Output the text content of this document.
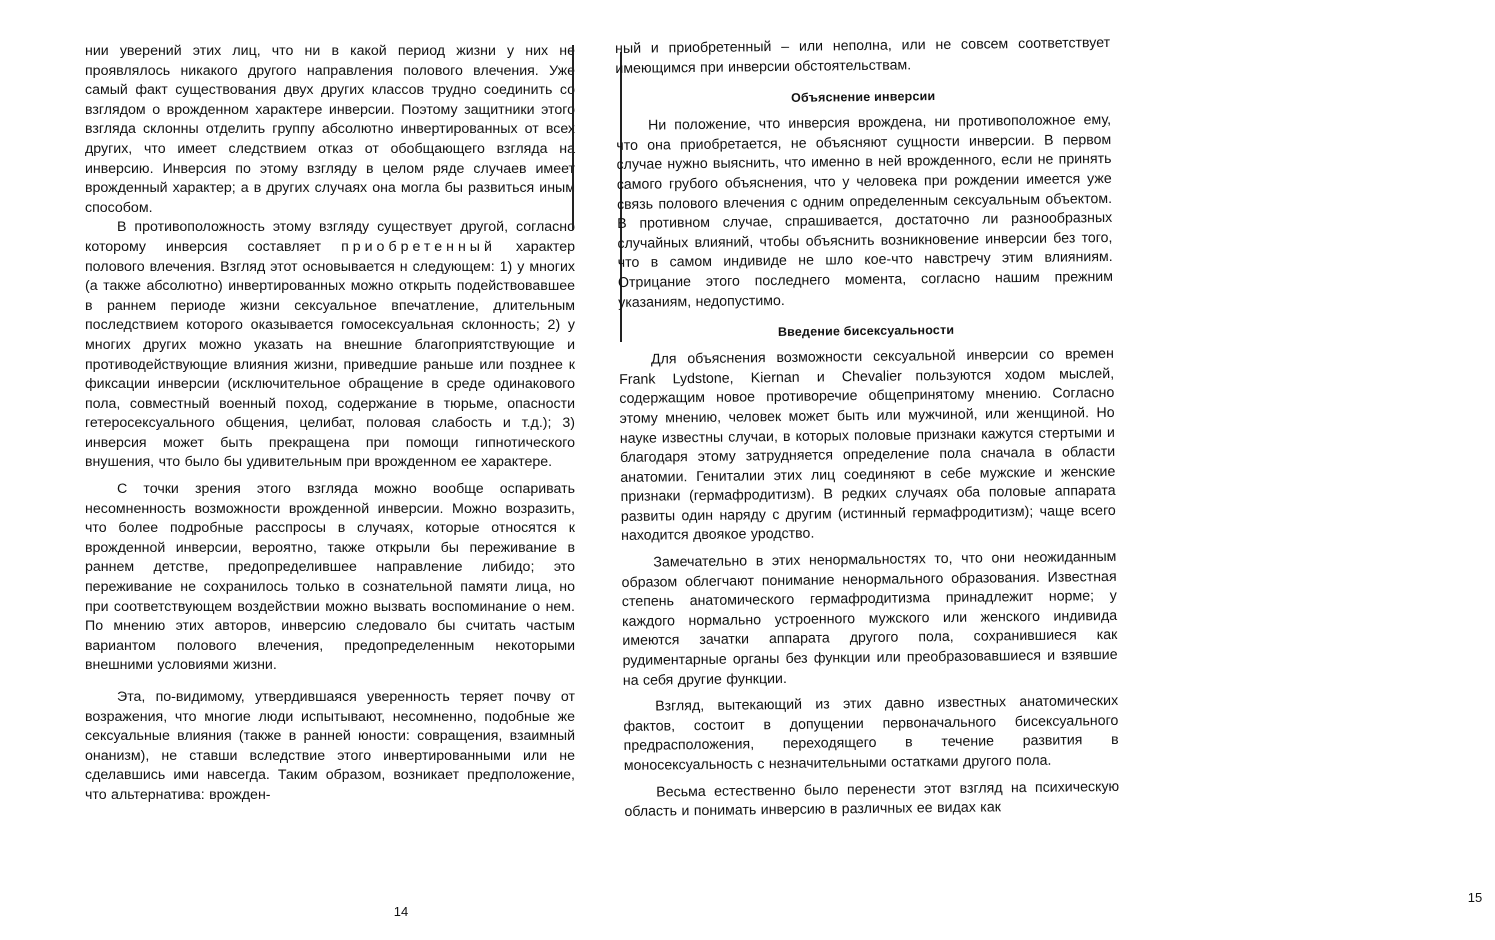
нии уверений этих лиц, что ни в какой период жизни у них не проявлялось никакого другого направления полового влечения. Уже самый факт существования двух других классов трудно соединить со взглядом о врожденном характере инверсии. Поэтому защитники этого взгляда склонны отделить группу абсолютно инвертированных от всех других, что имеет следствием отказ от обобщающего взгляда на инверсию. Инверсия по этому взгляду в целом ряде случаев имеет врожденный характер; а в других случаях она могла бы развиться иным способом.

В противоположность этому взгляду существует другой, согласно которому инверсия составляет приобретенный характер полового влечения. Взгляд этот основывается н следующем: 1) у многих (а также абсолютно) инвертированных можно открыть подействовавшее в раннем периоде жизни сексуальное впечатление, длительным последствием которого оказывается гомосексуальная склонность; 2) у многих других можно указать на внешние благоприятствующие и противодействующие влияния жизни, приведшие раньше или позднее к фиксации инверсии (исключительное обращение в среде одинакового пола, совместный военный поход, содержание в тюрьме, опасности гетеросексуального общения, целибат, половая слабость и т.д.); 3) инверсия может быть прекращена при помощи гипнотического внушения, что было бы удивительным при врожденном ее характере.

С точки зрения этого взгляда можно вообще оспаривать несомненность возможности врожденной инверсии. Можно возразить, что более подробные расспросы в случаях, которые относятся к врожденной инверсии, вероятно, также открыли бы переживание в раннем детстве, предопределившее направление либидо; это переживание не сохранилось только в сознательной памяти лица, но при соответствующем воздействии можно вызвать воспоминание о нем. По мнению этих авторов, инверсию следовало бы считать частым вариантом полового влечения, предопределенным некоторыми внешними условиями жизни.

Эта, по-видимому, утвердившаяся уверенность теряет почву от возражения, что многие люди испытывают, несомненно, подобные же сексуальные влияния (также в ранней юности: совращения, взаимный онанизм), не ставши вследствие этого инвертированными или не сделавшись ими навсегда. Таким образом, возникает предположение, что альтернатива: врожден-

14

ный и приобретенный – или неполна, или не совсем соответствует имеющимся при инверсии обстоятельствам.

Объяснение инверсии

Ни положение, что инверсия врождена, ни противоположное ему, что она приобретается, не объясняют сущности инверсии. В первом случае нужно выяснить, что именно в ней врожденного, если не принять самого грубого объяснения, что у человека при рождении имеется уже связь полового влечения с одним определенным сексуальным объектом. В противном случае, спрашивается, достаточно ли разнообразных случайных влияний, чтобы объяснить возникновение инверсии без того, что в самом индивиде не шло кое-что навстречу этим влияниям. Отрицание этого последнего момента, согласно нашим прежним указаниям, недопустимо.

Введение бисексуальности

Для объяснения возможности сексуальной инверсии со времен Frank Lydstone, Kiernan и Chevalier пользуются ходом мыслей, содержащим новое противоречие общепринятому мнению. Согласно этому мнению, человек может быть или мужчиной, или женщиной. Но науке известны случаи, в которых половые признаки кажутся стертыми и благодаря этому затрудняется определение пола сначала в области анатомии. Гениталии этих лиц соединяют в себе мужские и женские признаки (гермафродитизм). В редких случаях оба половые аппарата развиты один наряду с другим (истинный гермафродитизм); чаще всего находится двоякое уродство.

Замечательно в этих ненормальностях то, что они неожиданным образом облегчают понимание ненормального образования. Известная степень анатомического гермафродитизма принадлежит норме; у каждого нормально устроенного мужского или женского индивида имеются зачатки аппарата другого пола, сохранившиеся как рудиментарные органы без функции или преобразовавшиеся и взявшие на себя другие функции.

Взгляд, вытекающий из этих давно известных анатомических фактов, состоит в допущении первоначального бисексуального предрасположения, переходящего в течение развития в моносексуальность с незначительными остатками другого пола.

Весьма естественно было перенести этот взгляд на психическую область и понимать инверсию в различных ее видах как

15
